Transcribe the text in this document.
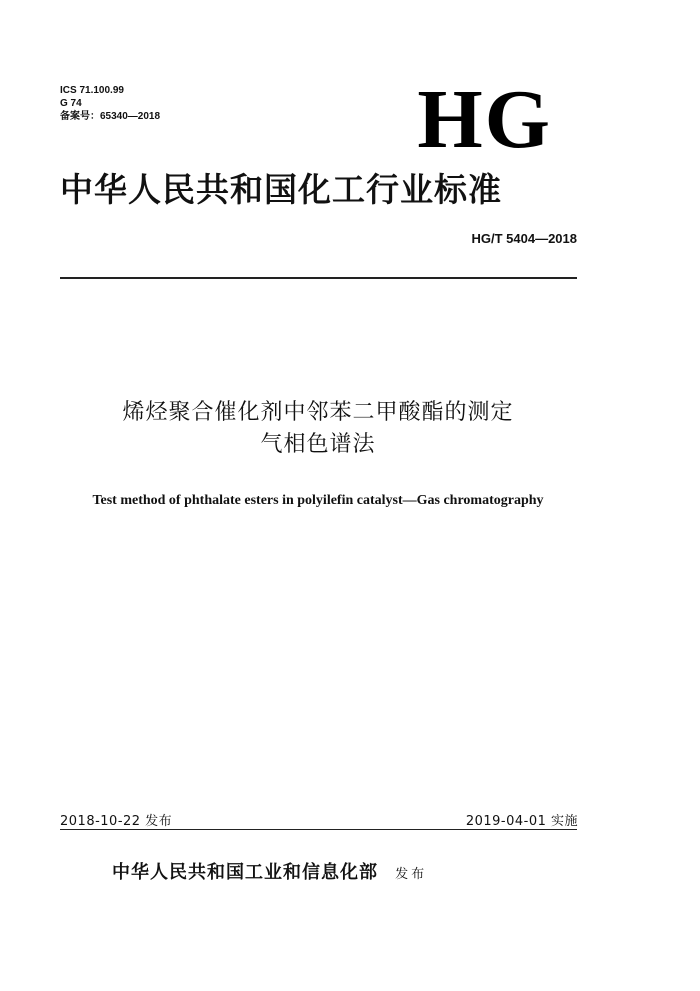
ICS 71.100.99
G 74
备案号：65340—2018	HG
中华人民共和国化工行业标准
HG/T 5404—2018
烯烃聚合催化剂中邻苯二甲酸酯的测定
气相色谱法
Test method of phthalate esters in polyilefin catalyst—Gas chromatography
2018-10-22 发布	2019-04-01 实施
中华人民共和国工业和信息化部 发布
